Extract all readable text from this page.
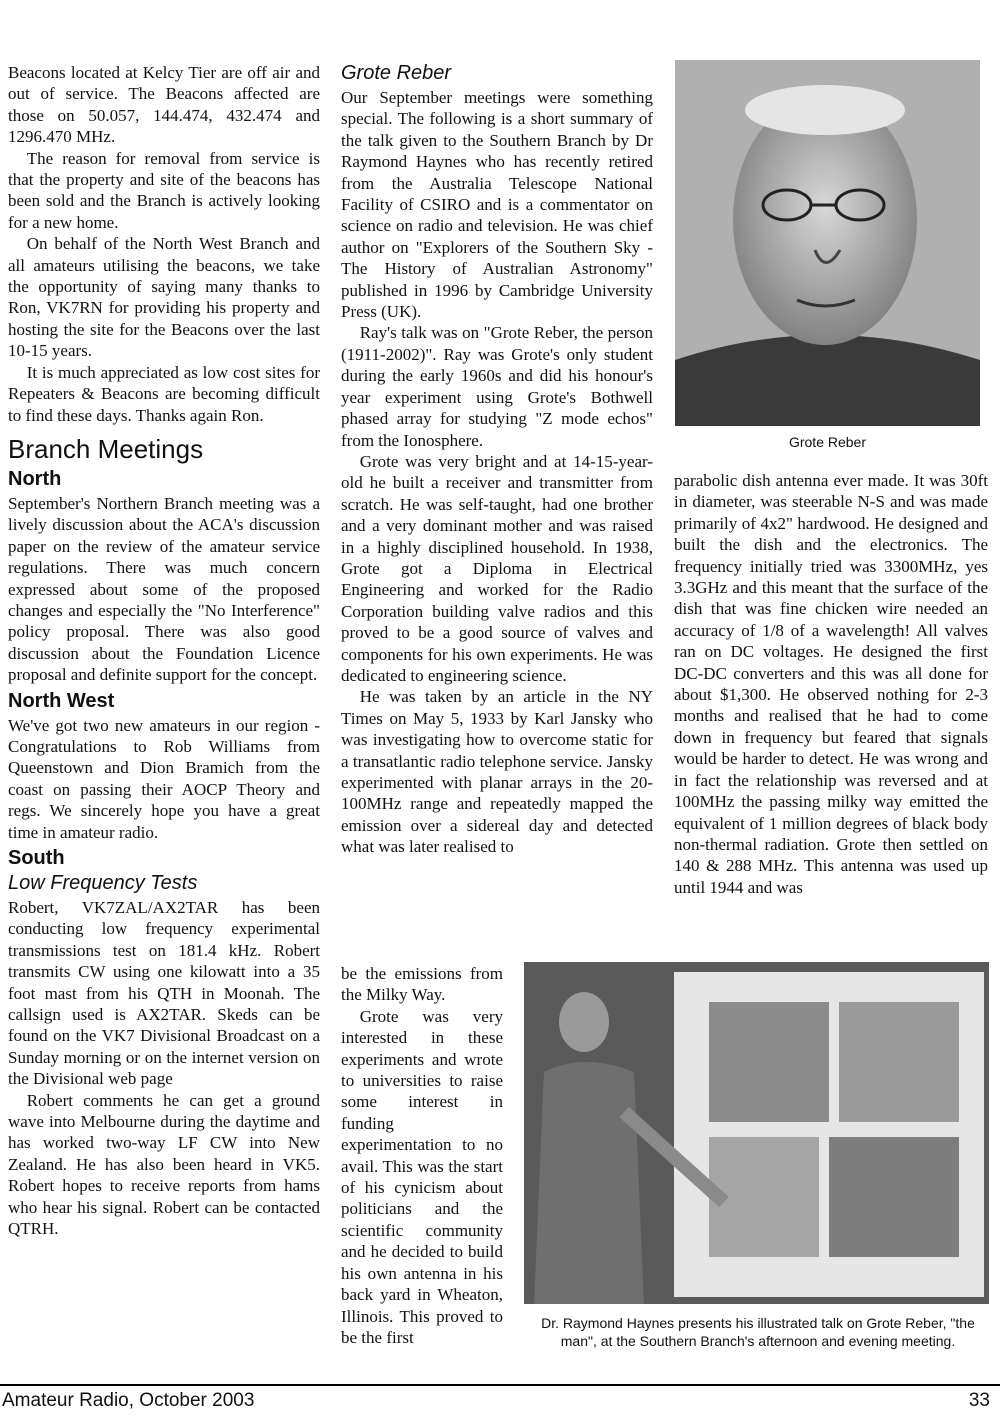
Beacons located at Kelcy Tier are off air and out of service. The Beacons affected are those on 50.057, 144.474, 432.474 and 1296.470 MHz.

The reason for removal from service is that the property and site of the beacons has been sold and the Branch is actively looking for a new home.

On behalf of the North West Branch and all amateurs utilising the beacons, we take the opportunity of saying many thanks to Ron, VK7RN for providing his property and hosting the site for the Beacons over the last 10-15 years.

It is much appreciated as low cost sites for Repeaters & Beacons are becoming difficult to find these days. Thanks again Ron.

Branch Meetings
North

September's Northern Branch meeting was a lively discussion about the ACA's discussion paper on the review of the amateur service regulations. There was much concern expressed about some of the proposed changes and especially the "No Interference" policy proposal. There was also good discussion about the Foundation Licence proposal and definite support for the concept.

North West

We've got two new amateurs in our region - Congratulations to Rob Williams from Queenstown and Dion Bramich from the coast on passing their AOCP Theory and regs. We sincerely hope you have a great time in amateur radio.

South
Low Frequency Tests

Robert, VK7ZAL/AX2TAR has been conducting low frequency experimental transmissions test on 181.4 kHz. Robert transmits CW using one kilowatt into a 35 foot mast from his QTH in Moonah. The callsign used is AX2TAR. Skeds can be found on the VK7 Divisional Broadcast on a Sunday morning or on the internet version on the Divisional web page

Robert comments he can get a ground wave into Melbourne during the daytime and has worked two-way LF CW into New Zealand. He has also been heard in VK5. Robert hopes to receive reports from hams who hear his signal. Robert can be contacted QTRH.

Grote Reber

Our September meetings were something special. The following is a short summary of the talk given to the Southern Branch by Dr Raymond Haynes who has recently retired from the Australia Telescope National Facility of CSIRO and is a commentator on science on radio and television. He was chief author on "Explorers of the Southern Sky - The History of Australian Astronomy" published in 1996 by Cambridge University Press (UK).

Ray's talk was on "Grote Reber, the person (1911-2002)". Ray was Grote's only student during the early 1960s and did his honour's year experiment using Grote's Bothwell phased array for studying "Z mode echos" from the Ionosphere.

Grote was very bright and at 14-15-year-old he built a receiver and transmitter from scratch. He was self-taught, had one brother and a very dominant mother and was raised in a highly disciplined household. In 1938, Grote got a Diploma in Electrical Engineering and worked for the Radio Corporation building valve radios and this proved to be a good source of valves and components for his own experiments. He was dedicated to engineering science.

He was taken by an article in the NY Times on May 5, 1933 by Karl Jansky who was investigating how to overcome static for a transatlantic radio telephone service. Jansky experimented with planar arrays in the 20-100MHz range and repeatedly mapped the emission over a sidereal day and detected what was later realised to

be the emissions from the Milky Way.

Grote was very interested in these experiments and wrote to universities to raise some interest in funding experimentation to no avail. This was the start of his cynicism about politicians and the scientific community and he decided to build his own antenna in his back yard in Wheaton, Illinois. This proved to be the first

parabolic dish antenna ever made. It was 30ft in diameter, was steerable N-S and was made primarily of 4x2" hardwood. He designed and built the dish and the electronics. The frequency initially tried was 3300MHz, yes 3.3GHz and this meant that the surface of the dish that was fine chicken wire needed an accuracy of 1/8 of a wavelength! All valves ran on DC voltages. He designed the first DC-DC converters and this was all done for about $1,300. He observed nothing for 2-3 months and realised that he had to come down in frequency but feared that signals would be harder to detect. He was wrong and in fact the relationship was reversed and at 100MHz the passing milky way emitted the equivalent of 1 million degrees of black body non-thermal radiation. Grote then settled on 140 & 288 MHz. This antenna was used up until 1944 and was

Grote Reber
Dr. Raymond Haynes presents his illustrated talk on Grote Reber, "the man", at the Southern Branch's afternoon and evening meeting.
Amateur Radio, October 2003	33
